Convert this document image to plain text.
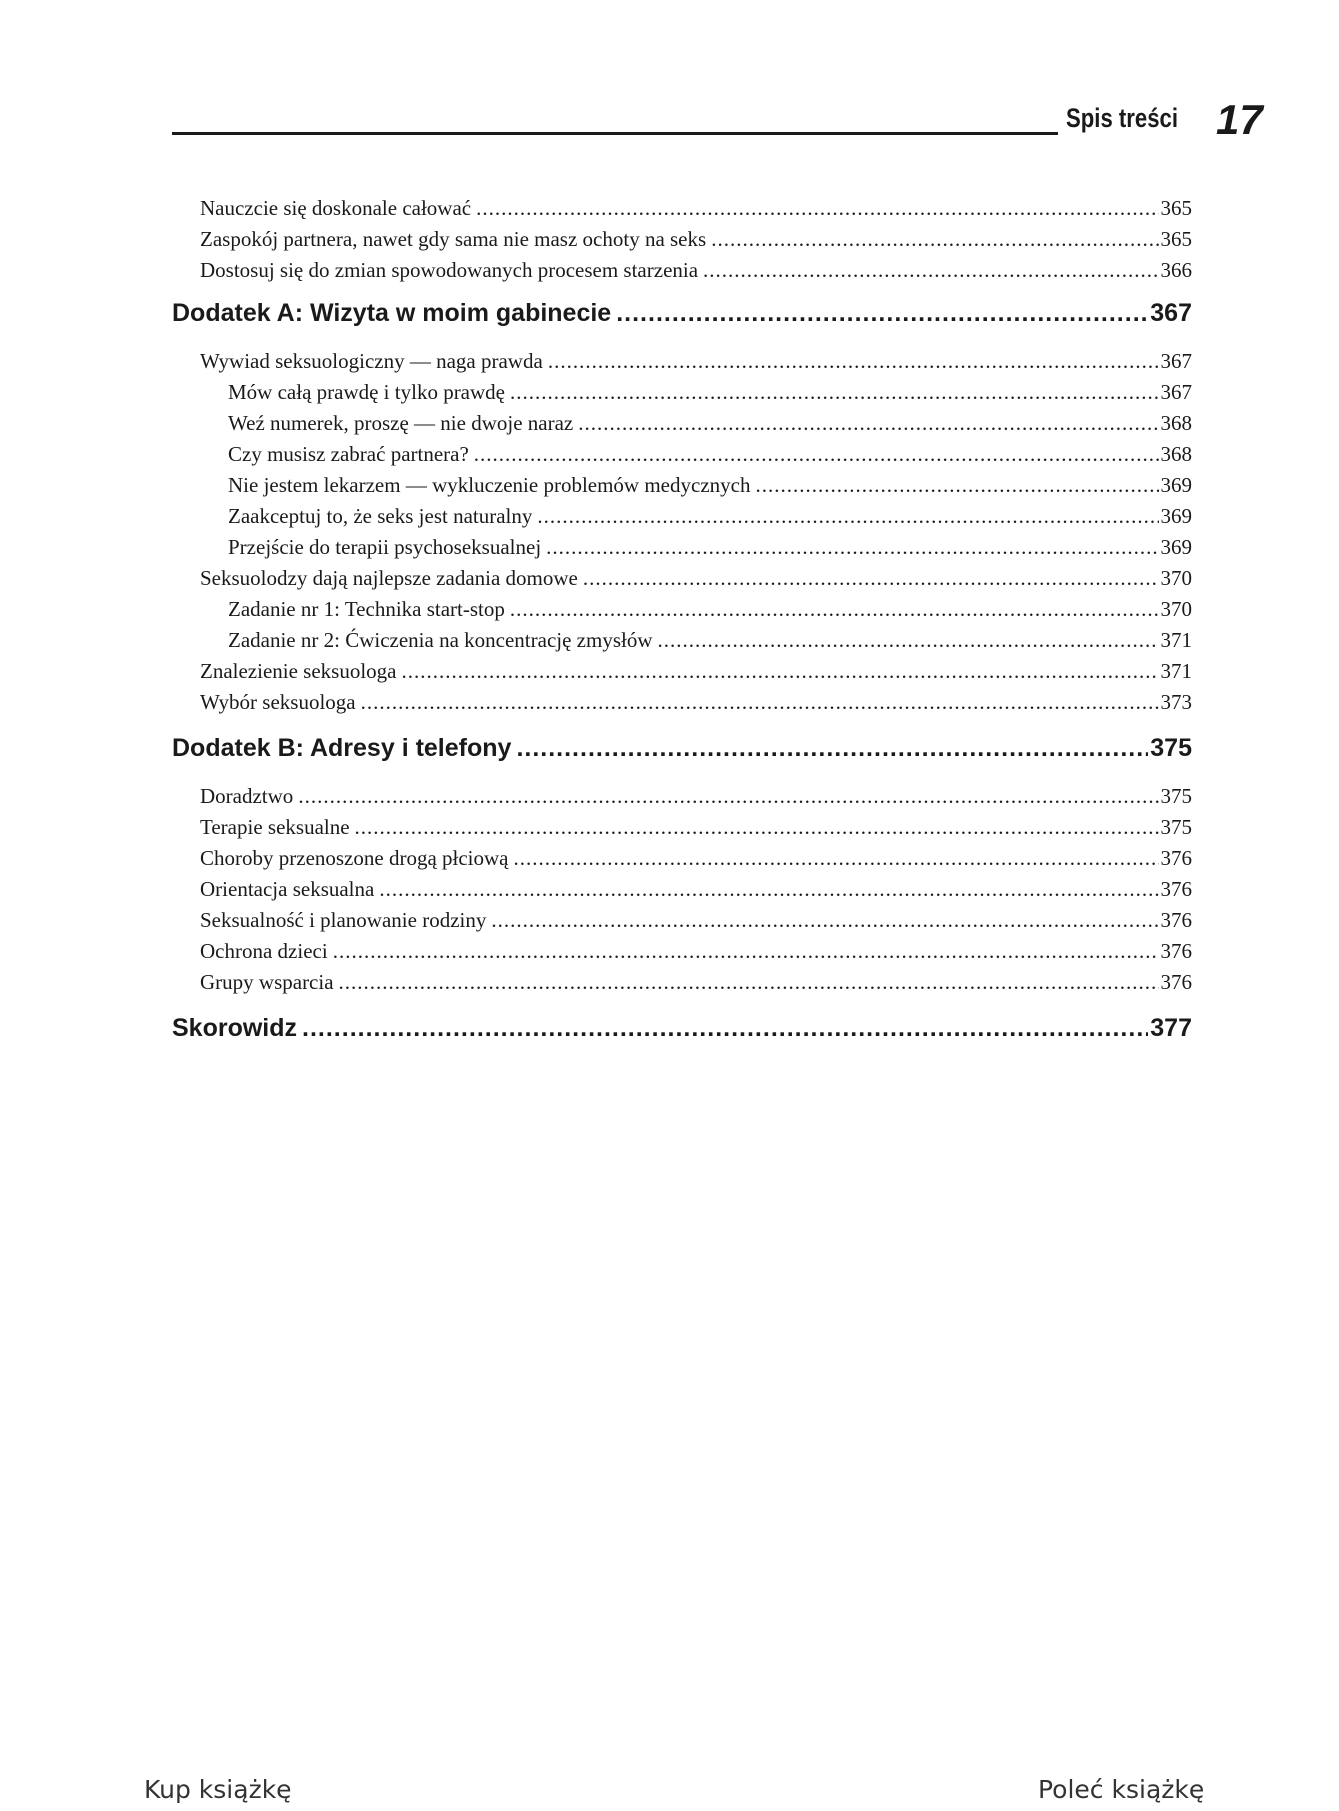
Spis treści 17
Nauczcie się doskonale całować .....	365
Zaspokój partnera, nawet gdy sama nie masz ochoty na seks .....	365
Dostosuj się do zmian spowodowanych procesem starzenia .....	366
Dodatek A: Wizyta w moim gabinecie .....	367
Wywiad seksuologiczny — naga prawda .....	367
Mów całą prawdę i tylko prawdę .....	367
Weź numerek, proszę — nie dwoje naraz .....	368
Czy musisz zabrać partnera? .....	368
Nie jestem lekarzem — wykluczenie problemów medycznych .....	369
Zaakceptuj to, że seks jest naturalny .....	369
Przejście do terapii psychoseksualnej .....	369
Seksuolodzy dają najlepsze zadania domowe .....	370
Zadanie nr 1: Technika start-stop .....	370
Zadanie nr 2: Ćwiczenia na koncentrację zmysłów .....	371
Znalezienie seksuologa .....	371
Wybór seksuologa .....	373
Dodatek B: Adresy i telefony .....	375
Doradztwo .....	375
Terapie seksualne .....	375
Choroby przenoszone drogą płciową .....	376
Orientacja seksualna .....	376
Seksualność i planowanie rodziny .....	376
Ochrona dzieci .....	376
Grupy wsparcia .....	376
Skorowidz .....	377
Kup książkę	Poleć książkę
